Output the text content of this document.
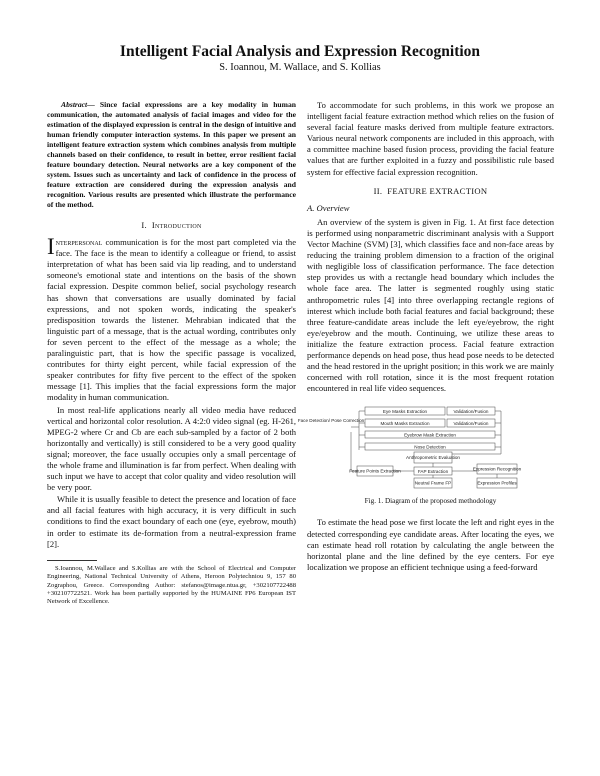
Intelligent Facial Analysis and Expression Recognition
S. Ioannou, M. Wallace, and S. Kollias
Abstract— Since facial expressions are a key modality in human communication, the automated analysis of facial images and video for the estimation of the displayed expression is central in the design of intuitive and human friendly computer interaction systems. In this paper we present an intelligent feature extraction system which combines analysis from multiple channels based on their confidence, to result in better, error resilient facial feature boundary detection. Neural networks are a key component of the system. Issues such as uncertainty and lack of confidence in the process of feature extraction are considered during the expression analysis and recognition. Various results are presented which illustrate the performance of the method.
I. Introduction

Interpersonal communication is for the most part completed via the face. The face is the mean to identify a colleague or friend, to assist interpretation of what has been said via lip reading, and to understand someone's emotional state and intentions on the basis of the shown facial expression. Despite common belief, social psychology research has shown that conversations are usually dominated by facial expressions, and not spoken words, indicating the speaker's predisposition towards the listener. Mehrabian indicated that the linguistic part of a message, that is the actual wording, contributes only for seven percent to the effect of the message as a whole; the paralinguistic part, that is how the specific passage is vocalized, contributes for thirty eight percent, while facial expression of the speaker contributes for fifty five percent to the effect of the spoken message [1]. This implies that the facial expressions form the major modality in human communication.

In most real-life applications nearly all video media have reduced vertical and horizontal color resolution. A 4:2:0 video signal (eg. H-261, MPEG-2 where Cr and Cb are each sub-sampled by a factor of 2 both horizontally and vertically) is still considered to be a very good quality signal; moreover, the face usually occupies only a small percentage of the whole frame and illumination is far from perfect. When dealing with such input we have to accept that color quality and video resolution will be very poor.

While it is usually feasible to detect the presence and location of face and all facial features with high accuracy, it is very difficult in such conditions to find the exact boundary of each one (eye, eyebrow, mouth) in order to estimate its de-formation from a neutral-expression frame [2].

S.Ioannou, M.Wallace and S.Kollias are with the School of Electrical and Computer Engineering, National Technical University of Athens, Heroon Polytechniou 9, 157 80 Zographou, Greece. Corresponding Author: stefanos@image.ntua.gr, +302107722488 +302107722521. Work has been partially supported by the HUMAINE FP6 European IST Network of Excellence.

To accommodate for such problems, in this work we propose an intelligent facial feature extraction method which relies on the fusion of several facial feature masks derived from multiple feature extractors. Various neural network components are included in this approach, with a committee machine based fusion process, providing the facial feature values that are further exploited in a fuzzy and possibilistic rule based system for effective facial expression recognition.

II. FEATURE EXTRACTION
A. Overview

An overview of the system is given in Fig. 1. At first face detection is performed using nonparametric discriminant analysis with a Support Vector Machine (SVM) [3], which classifies face and non-face areas by reducing the training problem dimension to a fraction of the original with negligible loss of classification performance. The face detection step provides us with a rectangle head boundary which includes the whole face area. The latter is segmented roughly using static anthropometric rules [4] into three overlapping rectangle regions of interest which include both facial features and facial background; these three feature-candidate areas include the left eye/eyebrow, the right eye/eyebrow and the mouth. Continuing, we utilize these areas to initialize the feature extraction process. Facial feature extraction performance depends on head pose, thus head pose needs to be detected and the head restored in the upright position; in this work we are mainly concerned with roll rotation, since it is the most frequent rotation encountered in real life video sequences.

Face Detection/ Pose Correction
Eye Masks Extraction	Validation/Fusion
Mouth Masks Extraction	Validation/Fusion
Eyebrow Mask Extraction
Nose Detection
Anthropometric Evaluation
FAP Extraction
Neutral Frame FP
Feature Points Extraction	Expression Recognition
Expression Profiles
Fig. 1. Diagram of the proposed methodology

To estimate the head pose we first locate the left and right eyes in the detected corresponding eye candidate areas. After locating the eyes, we can estimate head roll rotation by calculating the angle between the horizontal plane and the line defined by the eye centers. For eye localization we propose an efficient technique using a feed-forward
